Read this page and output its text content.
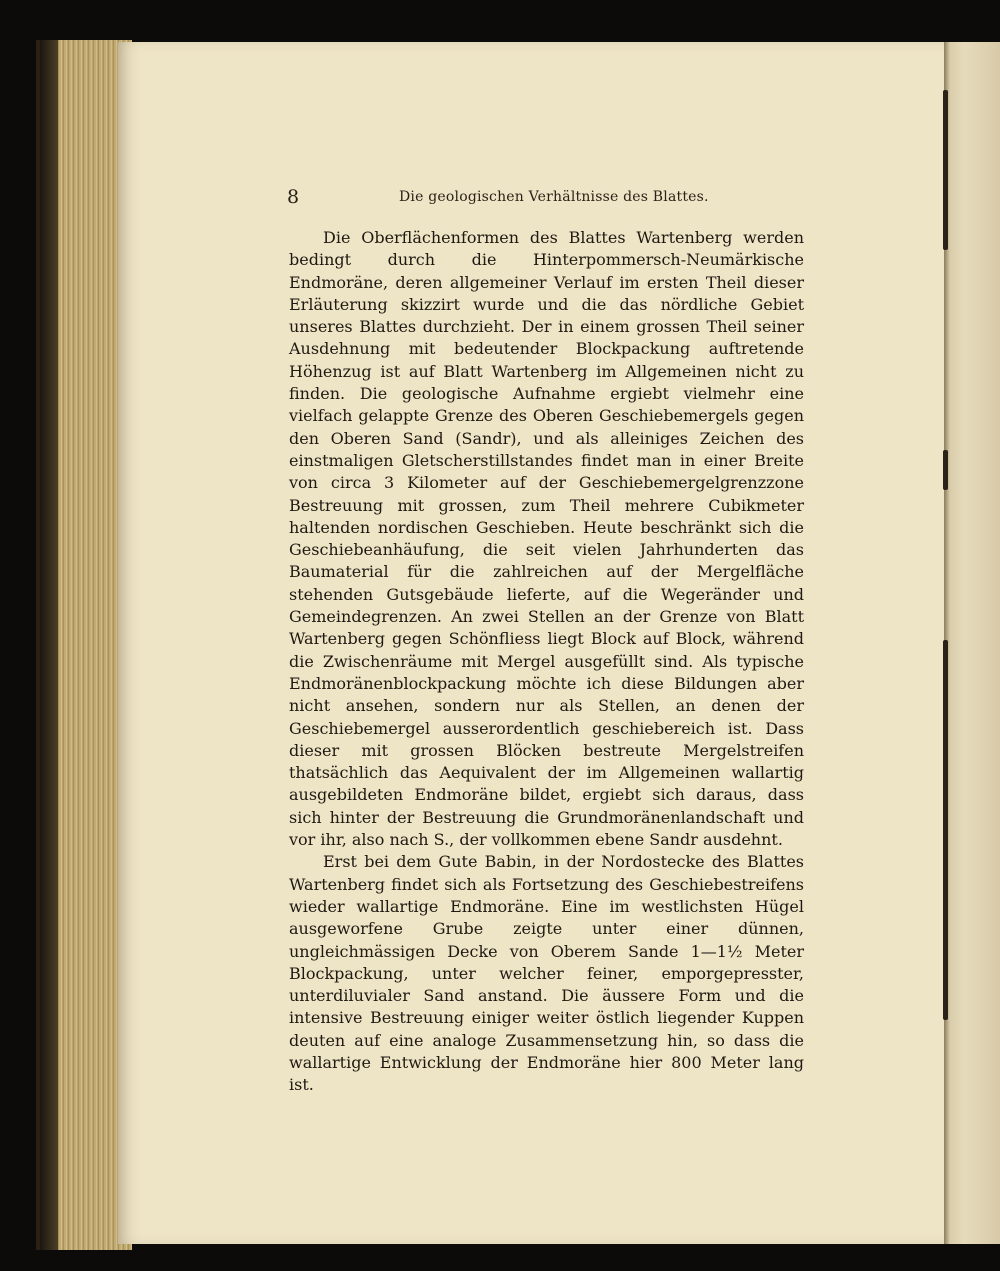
8	Die geologischen Verhältnisse des Blattes.

Die Oberflächenformen des Blattes Wartenberg werden bedingt durch die Hinterpommersch-Neumärkische Endmoräne, deren allgemeiner Verlauf im ersten Theil dieser Erläuterung skizzirt wurde und die das nördliche Gebiet unseres Blattes durchzieht. Der in einem grossen Theil seiner Ausdehnung mit bedeutender Blockpackung auftretende Höhenzug ist auf Blatt Wartenberg im Allgemeinen nicht zu finden. Die geologische Aufnahme ergiebt vielmehr eine vielfach gelappte Grenze des Oberen Geschiebemergels gegen den Oberen Sand (Sandr), und als alleiniges Zeichen des einstmaligen Gletscherstillstandes findet man in einer Breite von circa 3 Kilometer auf der Geschiebemergelgrenzzone Bestreuung mit grossen, zum Theil mehrere Cubikmeter haltenden nordischen Geschieben. Heute beschränkt sich die Geschiebeanhäufung, die seit vielen Jahrhunderten das Baumaterial für die zahlreichen auf der Mergelfläche stehenden Gutsgebäude lieferte, auf die Wegeränder und Gemeindegrenzen. An zwei Stellen an der Grenze von Blatt Wartenberg gegen Schönfliess liegt Block auf Block, während die Zwischenräume mit Mergel ausgefüllt sind. Als typische Endmoränenblockpackung möchte ich diese Bildungen aber nicht ansehen, sondern nur als Stellen, an denen der Geschiebemergel ausserordentlich geschiebereich ist. Dass dieser mit grossen Blöcken bestreute Mergelstreifen thatsächlich das Aequivalent der im Allgemeinen wallartig ausgebildeten Endmoräne bildet, ergiebt sich daraus, dass sich hinter der Bestreuung die Grundmoränenlandschaft und vor ihr, also nach S., der vollkommen ebene Sandr ausdehnt.

Erst bei dem Gute Babin, in der Nordostecke des Blattes Wartenberg findet sich als Fortsetzung des Geschiebestreifens wieder wallartige Endmoräne. Eine im westlichsten Hügel ausgeworfene Grube zeigte unter einer dünnen, ungleichmässigen Decke von Oberem Sande 1—1½ Meter Blockpackung, unter welcher feiner, emporgepresster, unterdiluvialer Sand anstand. Die äussere Form und die intensive Bestreuung einiger weiter östlich liegender Kuppen deuten auf eine analoge Zusammensetzung hin, so dass die wallartige Entwicklung der Endmoräne hier 800 Meter lang ist.
